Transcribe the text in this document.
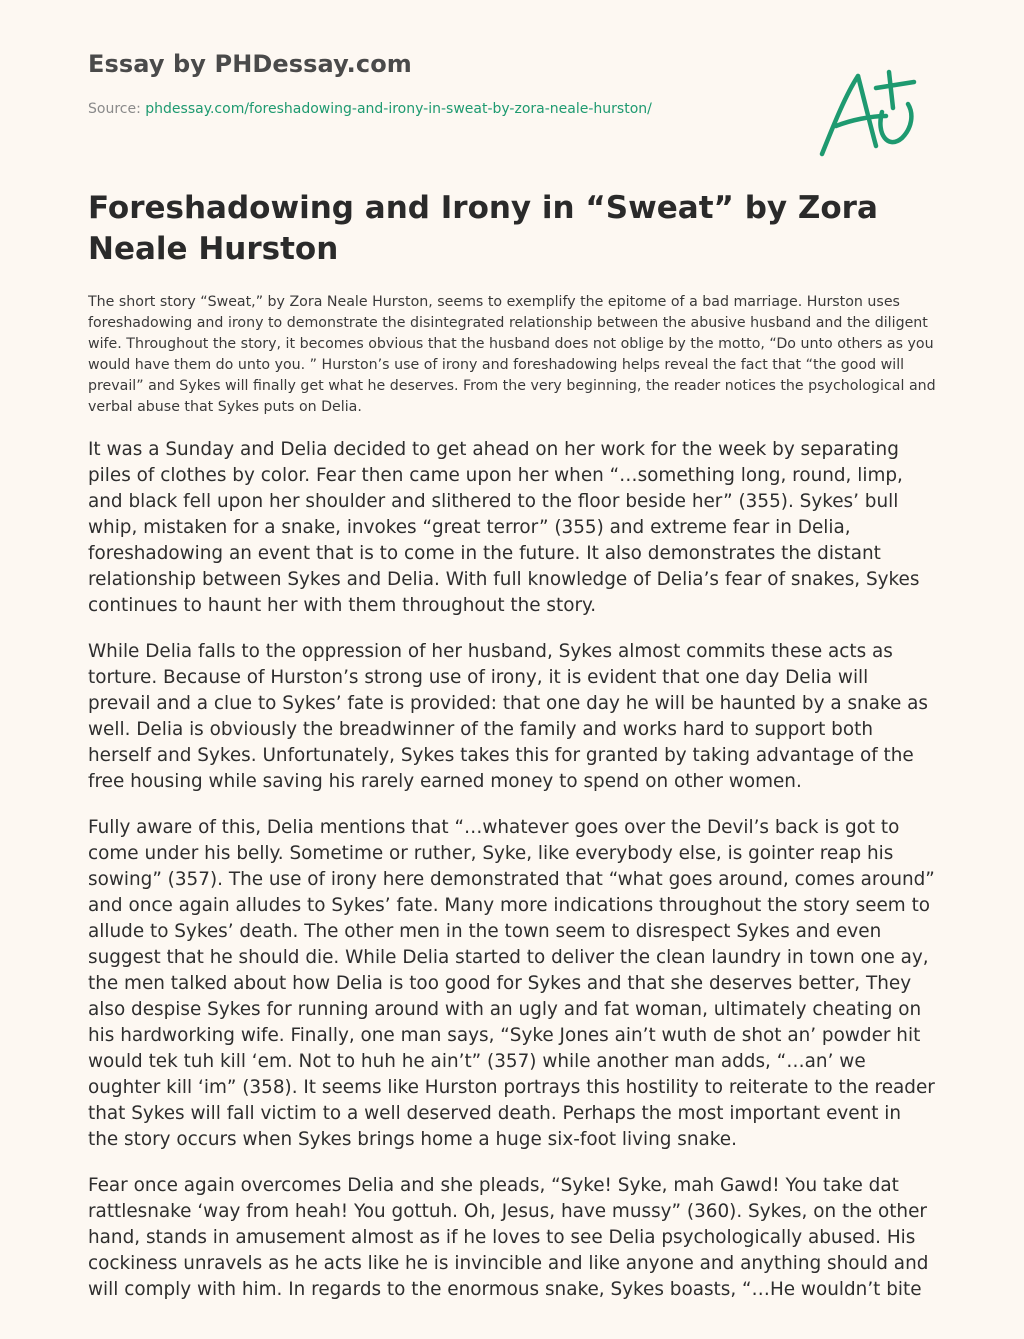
Essay by PHDessay.com
Source: phdessay.com/foreshadowing-and-irony-in-sweat-by-zora-neale-hurston/
Foreshadowing and Irony in “Sweat” by Zora Neale Hurston

The short story “Sweat,” by Zora Neale Hurston, seems to exemplify the epitome of a bad marriage. Hurston uses foreshadowing and irony to demonstrate the disintegrated relationship between the abusive husband and the diligent wife. Throughout the story, it becomes obvious that the husband does not oblige by the motto, “Do unto others as you would have them do unto you. ” Hurston’s use of irony and foreshadowing helps reveal the fact that “the good will prevail” and Sykes will finally get what he deserves. From the very beginning, the reader notices the psychological and verbal abuse that Sykes puts on Delia.

It was a Sunday and Delia decided to get ahead on her work for the week by separating piles of clothes by color. Fear then came upon her when “…something long, round, limp, and black fell upon her shoulder and slithered to the floor beside her” (355). Sykes’ bull whip, mistaken for a snake, invokes “great terror” (355) and extreme fear in Delia, foreshadowing an event that is to come in the future. It also demonstrates the distant relationship between Sykes and Delia. With full knowledge of Delia’s fear of snakes, Sykes continues to haunt her with them throughout the story.

While Delia falls to the oppression of her husband, Sykes almost commits these acts as torture. Because of Hurston’s strong use of irony, it is evident that one day Delia will prevail and a clue to Sykes’ fate is provided: that one day he will be haunted by a snake as well. Delia is obviously the breadwinner of the family and works hard to support both herself and Sykes. Unfortunately, Sykes takes this for granted by taking advantage of the free housing while saving his rarely earned money to spend on other women.

Fully aware of this, Delia mentions that “…whatever goes over the Devil’s back is got to come under his belly. Sometime or ruther, Syke, like everybody else, is gointer reap his sowing” (357). The use of irony here demonstrated that “what goes around, comes around” and once again alludes to Sykes’ fate. Many more indications throughout the story seem to allude to Sykes’ death. The other men in the town seem to disrespect Sykes and even suggest that he should die. While Delia started to deliver the clean laundry in town one ay, the men talked about how Delia is too good for Sykes and that she deserves better, They also despise Sykes for running around with an ugly and fat woman, ultimately cheating on his hardworking wife. Finally, one man says, “Syke Jones ain’t wuth de shot an’ powder hit would tek tuh kill ‘em. Not to huh he ain’t” (357) while another man adds, “…an’ we oughter kill ‘im” (358). It seems like Hurston portrays this hostility to reiterate to the reader that Sykes will fall victim to a well deserved death. Perhaps the most important event in the story occurs when Sykes brings home a huge six-foot living snake.

Fear once again overcomes Delia and she pleads, “Syke! Syke, mah Gawd! You take dat rattlesnake ‘way from heah! You gottuh. Oh, Jesus, have mussy” (360). Sykes, on the other hand, stands in amusement almost as if he loves to see Delia psychologically abused. His cockiness unravels as he acts like he is invincible and like anyone and anything should and will comply with him. In regards to the enormous snake, Sykes boasts, “…He wouldn’t bite
